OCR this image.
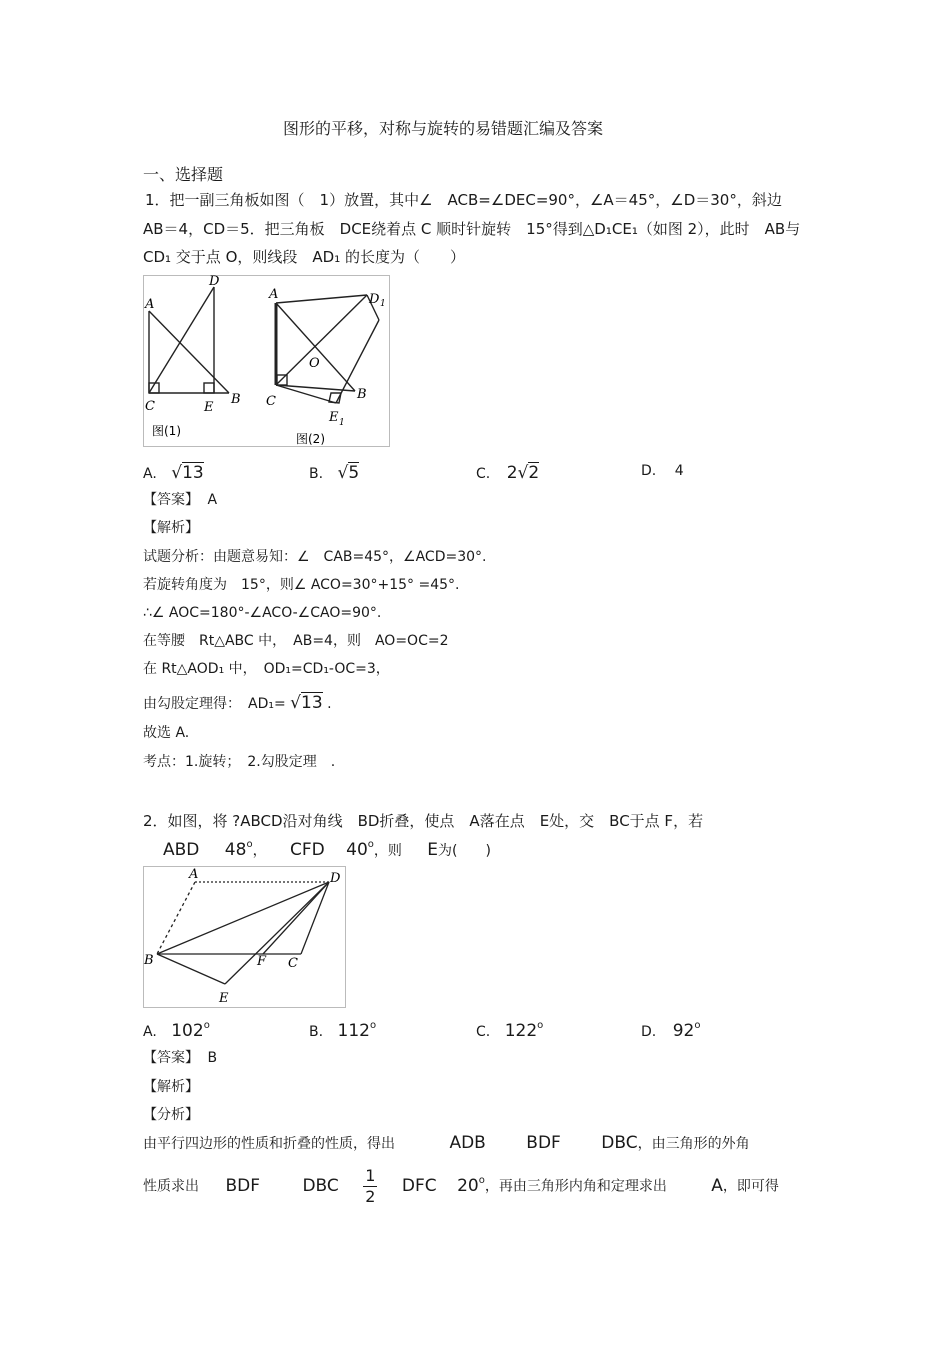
图形的平移，对称与旋转的易错题汇编及答案
一、选择题
1．把一副三角板如图（　1）放置，其中∠　ACB=∠DEC=90°，∠A＝45°，∠D＝30°，斜边
AB＝4，CD＝5．把三角板　DCE绕着点 C 顺时针旋转　15°得到△D₁CE₁（如图 2），此时　AB与
CD₁ 交于点 O，则线段　AD₁ 的长度为（　　）
A
D
C	E
B
图(1)
A	D 1
O
C
E 1
B
图(2)
A. √13	B. √5	C. 2√2	D. 4
【答案】 A
【解析】
试题分析：由题意易知：∠　CAB=45°，∠ACD=30°.
若旋转角度为　15°，则∠ ACO=30°+15° =45°.
∴∠ AOC=180°-∠ACO-∠CAO=90°.
在等腰　Rt△ABC 中，　AB=4，则　AO=OC=2
在 Rt△AOD₁ 中，　OD₁=CD₁-OC=3，
由勾股定理得：　AD₁= √13 .
故选 A.
考点：1.旋转；　2.勾股定理　.
2．如图，将 ?ABCD沿对角线　BD折叠，使点　A落在点　E处，交　BC于点 F，若
ABD 48$^o$， CFD 40$^o$，则 E为(　　)
A	D
B	F C
E
A. 102$^o$	B. 112$^o$	C. 122$^o$	D. 92$^o$
【答案】 B
【解析】
【分析】
由平行四边形的性质和折叠的性质，得出	ADB BDF DBC，由三角形的外角
性质求出 BDF DBC $\frac{1}{2}$ DFC 20$^o$，再由三角形内角和定理求出	A，即可得
